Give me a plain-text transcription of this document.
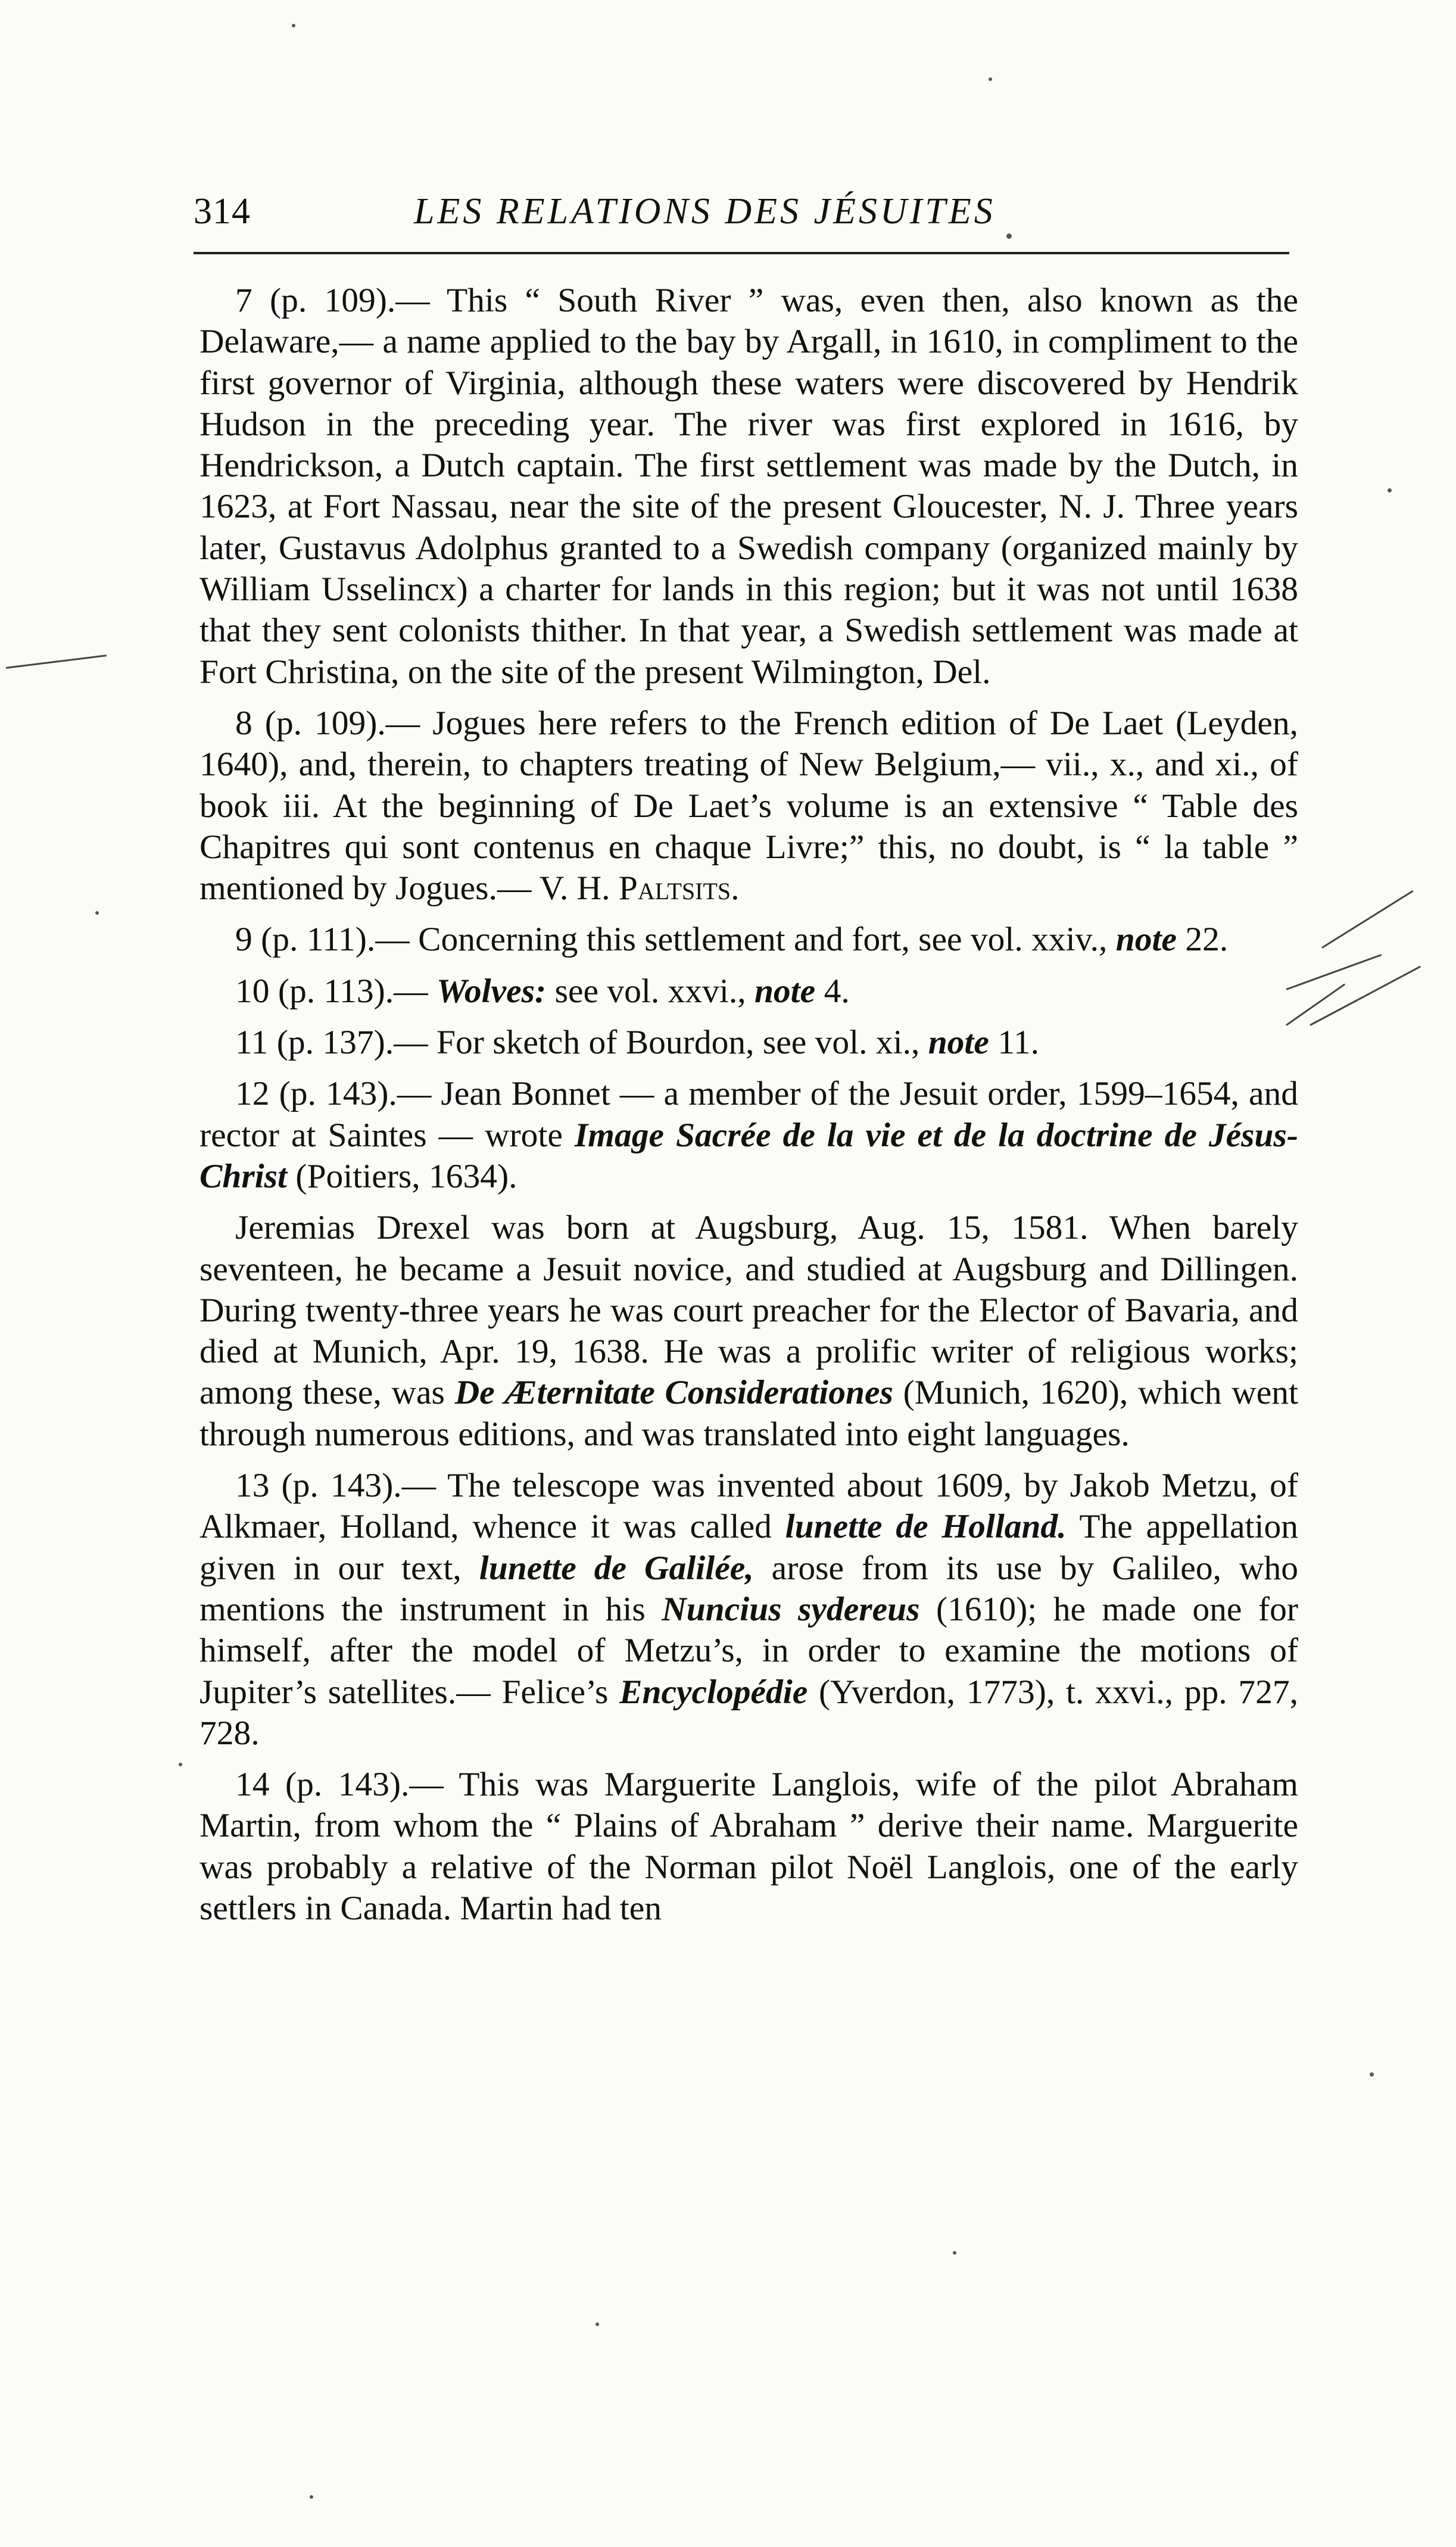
314	LES RELATIONS DES JÉSUITES

7 (p. 109).— This “ South River ” was, even then, also known as the Delaware,— a name applied to the bay by Argall, in 1610, in compliment to the first governor of Virginia, although these waters were discovered by Hendrik Hudson in the preceding year. The river was first explored in 1616, by Hendrickson, a Dutch captain. The first settlement was made by the Dutch, in 1623, at Fort Nassau, near the site of the present Gloucester, N. J. Three years later, Gustavus Adolphus granted to a Swedish company (organized mainly by William Usselincx) a charter for lands in this region; but it was not until 1638 that they sent colonists thither. In that year, a Swedish settlement was made at Fort Christina, on the site of the present Wilmington, Del.

8 (p. 109).— Jogues here refers to the French edition of De Laet (Leyden, 1640), and, therein, to chapters treating of New Belgium,— vii., x., and xi., of book iii. At the beginning of De Laet’s volume is an extensive “ Table des Chapitres qui sont contenus en chaque Livre;” this, no doubt, is “ la table ” mentioned by Jogues.— V. H. Paltsits.

9 (p. 111).— Concerning this settlement and fort, see vol. xxiv., note 22.

10 (p. 113).— Wolves: see vol. xxvi., note 4.

11 (p. 137).— For sketch of Bourdon, see vol. xi., note 11.

12 (p. 143).— Jean Bonnet — a member of the Jesuit order, 1599–1654, and rector at Saintes — wrote Image Sacrée de la vie et de la doctrine de Jésus-Christ (Poitiers, 1634).

Jeremias Drexel was born at Augsburg, Aug. 15, 1581. When barely seventeen, he became a Jesuit novice, and studied at Augsburg and Dillingen. During twenty-three years he was court preacher for the Elector of Bavaria, and died at Munich, Apr. 19, 1638. He was a prolific writer of religious works; among these, was De Æternitate Considerationes (Munich, 1620), which went through numerous editions, and was translated into eight languages.

13 (p. 143).— The telescope was invented about 1609, by Jakob Metzu, of Alkmaer, Holland, whence it was called lunette de Holland. The appellation given in our text, lunette de Galilée, arose from its use by Galileo, who mentions the instrument in his Nuncius sydereus (1610); he made one for himself, after the model of Metzu’s, in order to examine the motions of Jupiter’s satellites.— Felice’s Encyclopédie (Yverdon, 1773), t. xxvi., pp. 727, 728.

14 (p. 143).— This was Marguerite Langlois, wife of the pilot Abraham Martin, from whom the “ Plains of Abraham ” derive their name. Marguerite was probably a relative of the Norman pilot Noël Langlois, one of the early settlers in Canada. Martin had ten
